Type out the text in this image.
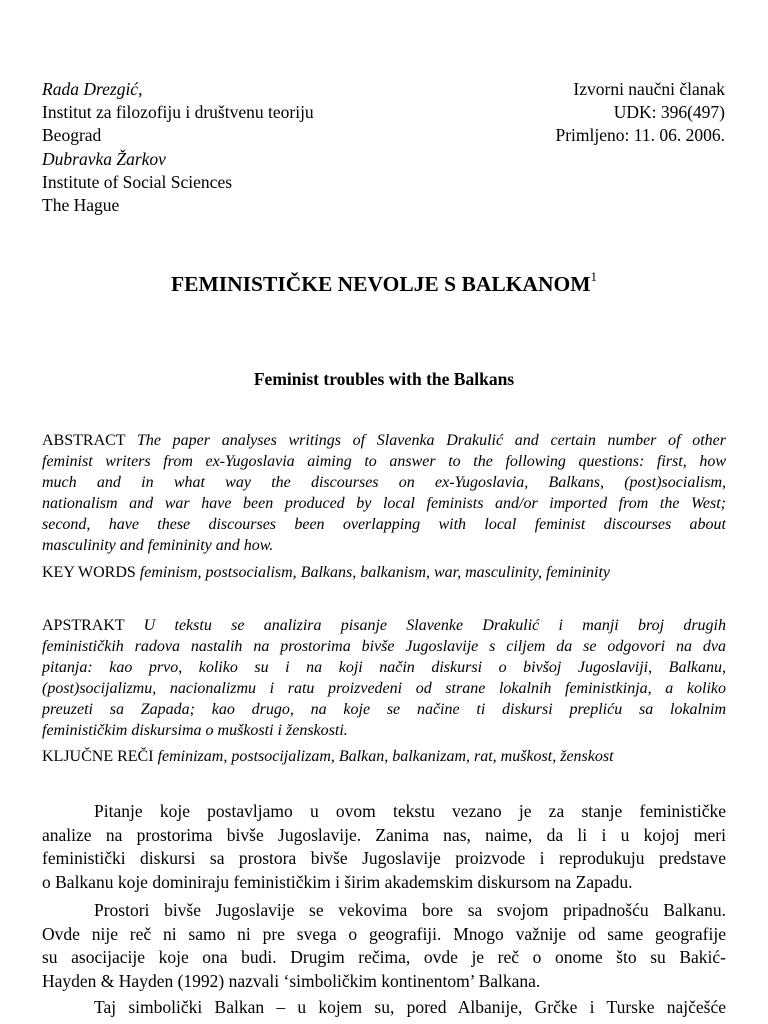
Rada Drezgić,
Institut za filozofiju i društvenu teoriju
Beograd
Dubravka Žarkov
Institute of Social Sciences
The Hague
Izvorni naučni članak
UDK: 396(497)
Primljeno: 11. 06. 2006.
FEMINISTIČKE NEVOLJE S BALKANOM$^1$
Feminist troubles with the Balkans
ABSTRACT The paper analyses writings of Slavenka Drakulić and certain number of other
feminist writers from ex-Yugoslavia aiming to answer to the following questions: first, how
much and in what way the discourses on ex-Yugoslavia, Balkans, (post)socialism,
nationalism and war have been produced by local feminists and/or imported from the West;
second, have these discourses been overlapping with local feminist discourses about
masculinity and femininity and how.
KEY WORDS feminism, postsocialism, Balkans, balkanism, war, masculinity, femininity
APSTRAKT U tekstu se analizira pisanje Slavenke Drakulić i manji broj drugih
feminističkih radova nastalih na prostorima bivše Jugoslavije s ciljem da se odgovori na dva
pitanja: kao prvo, koliko su i na koji način diskursi o bivšoj Jugoslaviji, Balkanu,
(post)socijalizmu, nacionalizmu i ratu proizvedeni od strane lokalnih feministkinja, a koliko
preuzeti sa Zapada; kao drugo, na koje se načine ti diskursi prepliću sa lokalnim
feminističkim diskursima o muškosti i ženskosti.
KLJUČNE REČI feminizam, postsocijalizam, Balkan, balkanizam, rat, muškost, ženskost
Pitanje koje postavljamo u ovom tekstu vezano je za stanje feminističke
analize na prostorima bivše Jugoslavije. Zanima nas, naime, da li i u kojoj meri
feministički diskursi sa prostora bivše Jugoslavije proizvode i reprodukuju predstave
o Balkanu koje dominiraju feminističkim i širim akademskim diskursom na Zapadu.
Prostori bivše Jugoslavije se vekovima bore sa svojom pripadnošću Balkanu.
Ovde nije reč ni samo ni pre svega o geografiji. Mnogo važnije od same geografije
su asocijacije koje ona budi. Drugim rečima, ovde je reč o onome što su Bakić-
Hayden & Hayden (1992) nazvali ‘simboličkim kontinentom’ Balkana.
Taj simbolički Balkan – u kojem su, pored Albanije, Grčke i Turske najčešće
